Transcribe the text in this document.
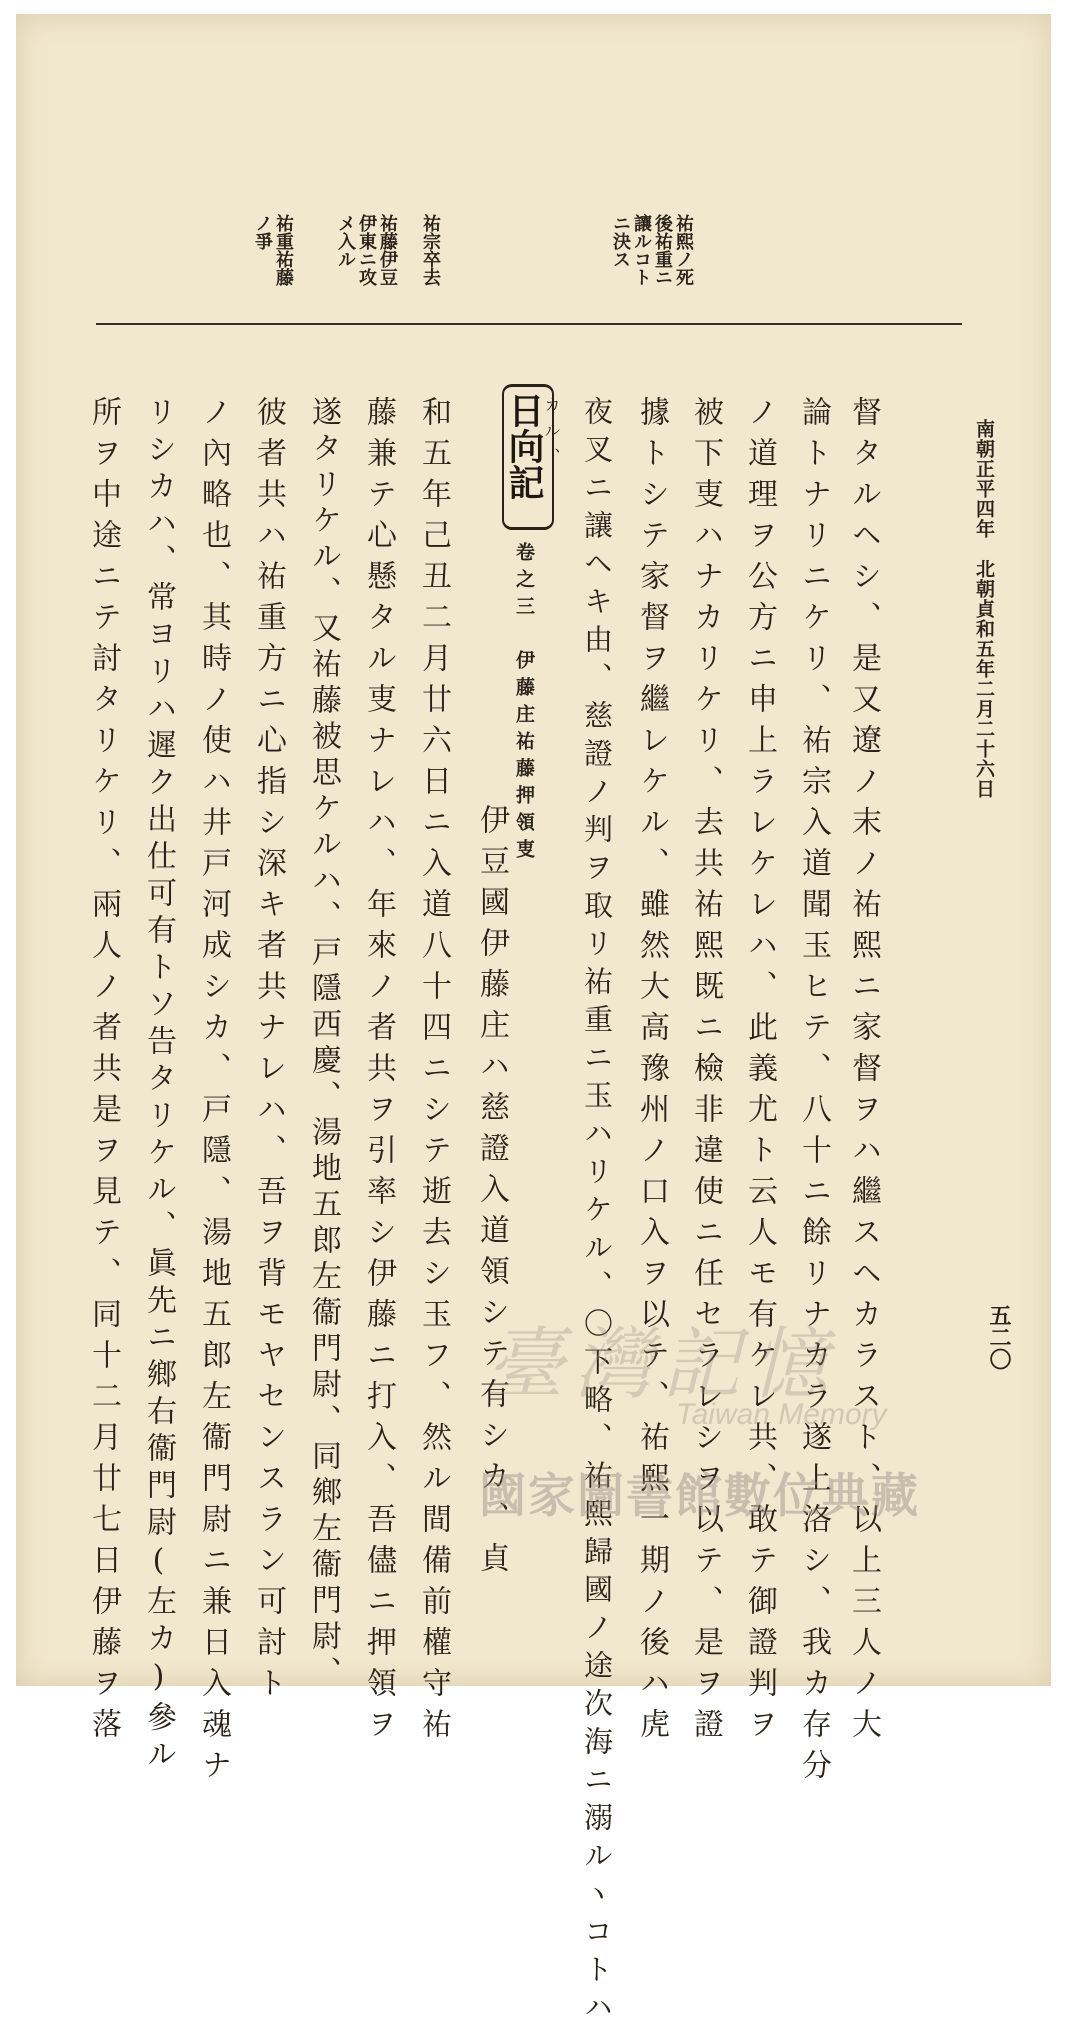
南朝正平四年　北朝貞和五年二月二十六日
五二〇
祐熙ノ死後祐重ニ讓ルコトニ決ス
祐宗卒去
祐藤伊豆伊東ニ攻メ入ル
祐重祐藤ノ爭
督タルヘシ、是又遼ノ末ノ祐熙ニ家督ヲハ繼スヘカラスト、以上三人ノ大
論トナリニケリ、祐宗入道聞玉ヒテ、八十ニ餘リナカラ遂上洛シ、我カ存分
ノ道理ヲ公方ニ申上ラレケレハ、此義尤ト云人モ有ケレ共、敢テ御證判ヲ
被下叓ハナカリケリ、去共祐熙既ニ檢非違使ニ任セラレシヲ以テ、是ヲ證
據トシテ家督ヲ繼レケル、雖然大高豫州ノ口入ヲ以テ、祐熙一期ノ後ハ虎
夜叉ニ讓ヘキ由、慈證ノ判ヲ取リ祐重ニ玉ハリケル、〇下略、祐熙歸國ノ途次海ニ溺ルヽコトハ
カル、
日向記
卷之三　伊藤庄祐藤押領叓
伊豆國伊藤庄ハ慈證入道領シテ有シカ、貞
和五年己丑二月廿六日ニ入道八十四ニシテ逝去シ玉フ、然ル間備前權守祐
藤兼テ心懸タル叓ナレハ、年來ノ者共ヲ引率シ伊藤ニ打入、吾儘ニ押領ヲ
遂タリケル、又祐藤被思ケルハ、戸隱西慶、湯地五郎左衞門尉、同鄉左衞門尉、
彼者共ハ祐重方ニ心指シ深キ者共ナレハ、吾ヲ背モヤセンスラン可討ト
ノ內略也、其時ノ使ハ井戸河成シカ、戸隱、湯地五郎左衞門尉ニ兼日入魂ナ
リシカハ、常ヨリハ遲ク出仕可有トソ告タリケル、眞先ニ鄉右衞門尉(左カ)參ル
所ヲ中途ニテ討タリケリ、兩人ノ者共是ヲ見テ、同十二月廿七日伊藤ヲ落	臺灣記憶
Taiwan Memory
國家圖書館數位典藏
